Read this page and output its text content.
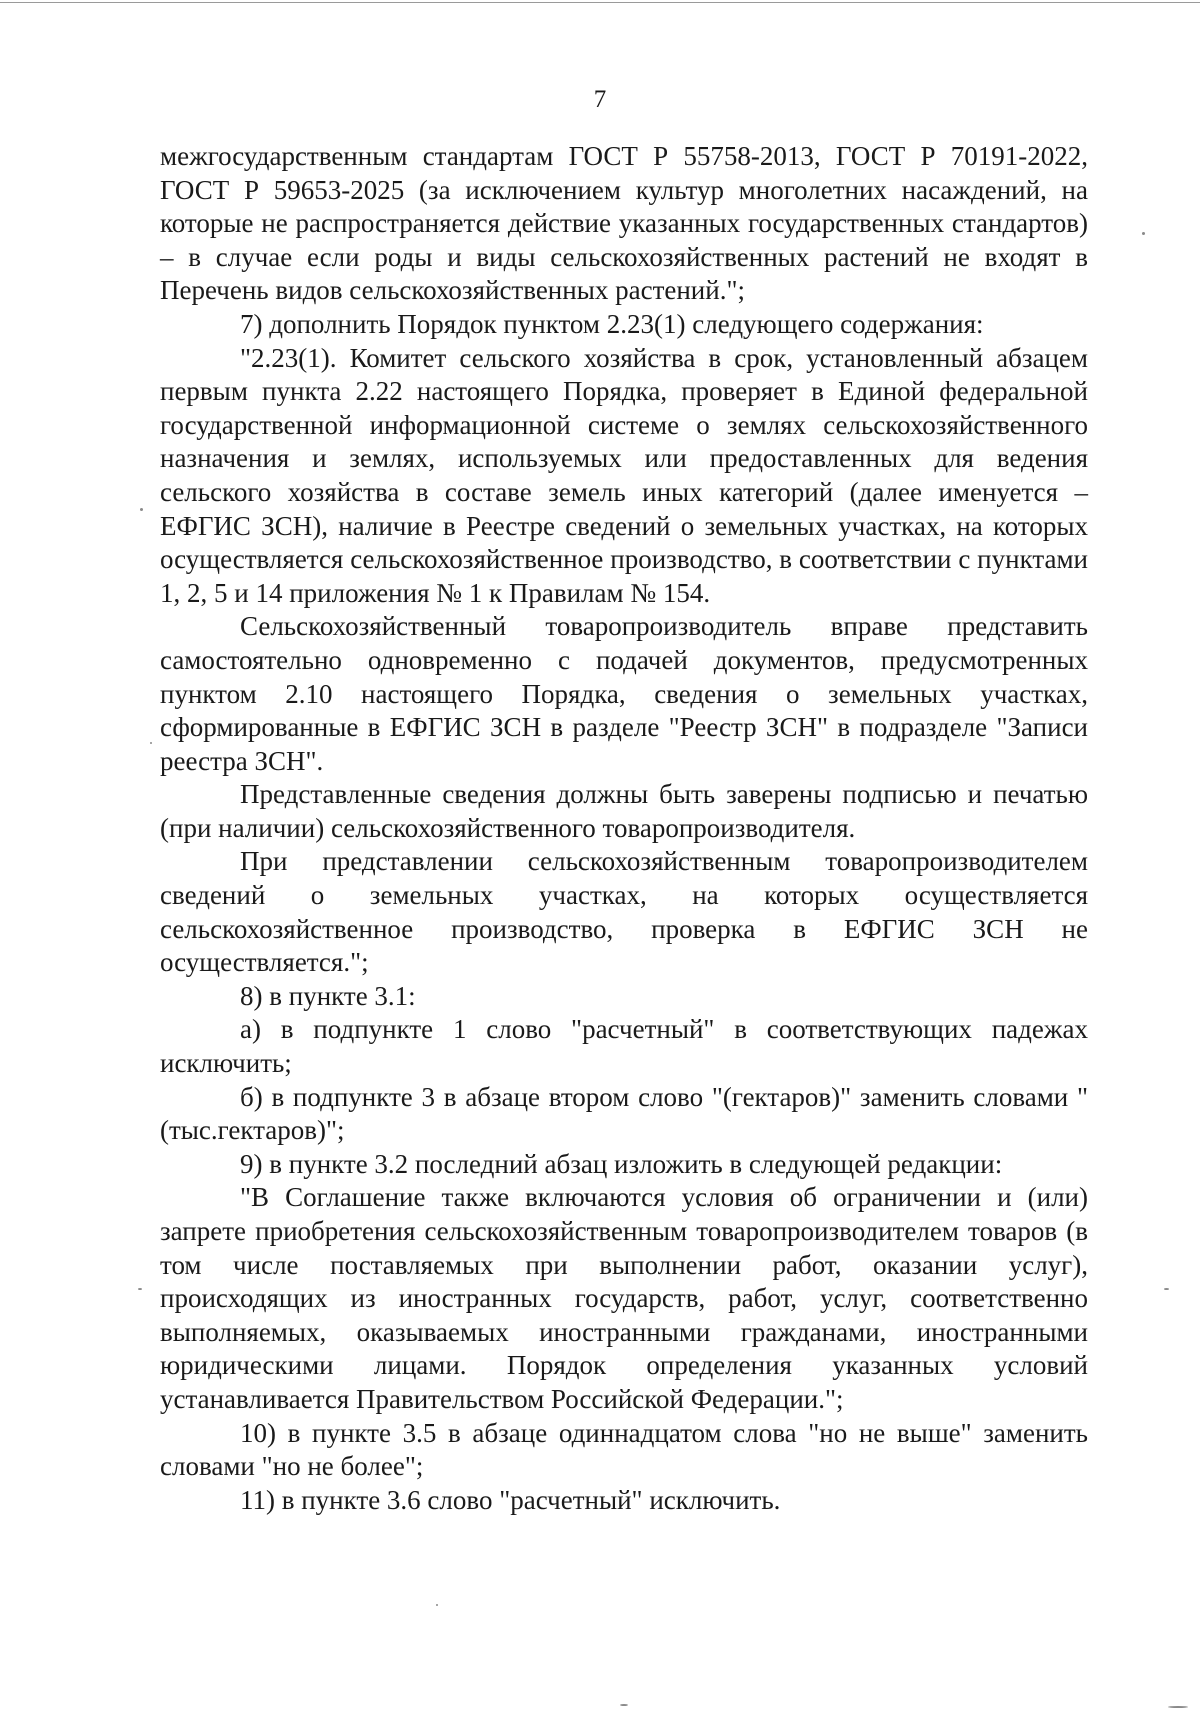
7

межгосударственным стандартам ГОСТ Р 55758-2013, ГОСТ Р 70191-2022, ГОСТ Р 59653-2025 (за исключением культур многолетних насаждений, на которые не распространяется действие указанных государственных стандартов) – в случае если роды и виды сельскохозяйственных растений не входят в Перечень видов сельскохозяйственных растений.";

7) дополнить Порядок пунктом 2.23(1) следующего содержания:

"2.23(1). Комитет сельского хозяйства в срок, установленный абзацем первым пункта 2.22 настоящего Порядка, проверяет в Единой федеральной государственной информационной системе о землях сельскохозяйственного назначения и землях, используемых или предоставленных для ведения сельского хозяйства в составе земель иных категорий (далее именуется – ЕФГИС ЗСН), наличие в Реестре сведений о земельных участках, на которых осуществляется сельскохозяйственное производство, в соответствии с пунктами 1, 2, 5 и 14 приложения № 1 к Правилам № 154.

Сельскохозяйственный товаропроизводитель вправе представить самостоятельно одновременно с подачей документов, предусмотренных пунктом 2.10 настоящего Порядка, сведения о земельных участках, сформированные в ЕФГИС ЗСН в разделе "Реестр ЗСН" в подразделе "Записи реестра ЗСН".

Представленные сведения должны быть заверены подписью и печатью (при наличии) сельскохозяйственного товаропроизводителя.

При представлении сельскохозяйственным товаропроизводителем сведений о земельных участках, на которых осуществляется сельскохозяйственное производство, проверка в ЕФГИС ЗСН не осуществляется.";

8) в пункте 3.1:

а) в подпункте 1 слово "расчетный" в соответствующих падежах исключить;

б) в подпункте 3 в абзаце втором слово "(гектаров)" заменить словами "(тыс.гектаров)";

9) в пункте 3.2 последний абзац изложить в следующей редакции:

"В Соглашение также включаются условия об ограничении и (или) запрете приобретения сельскохозяйственным товаропроизводителем товаров (в том числе поставляемых при выполнении работ, оказании услуг), происходящих из иностранных государств, работ, услуг, соответственно выполняемых, оказываемых иностранными гражданами, иностранными юридическими лицами. Порядок определения указанных условий устанавливается Правительством Российской Федерации.";

10) в пункте 3.5 в абзаце одиннадцатом слова "но не выше" заменить словами "но не более";

11) в пункте 3.6 слово "расчетный" исключить.
